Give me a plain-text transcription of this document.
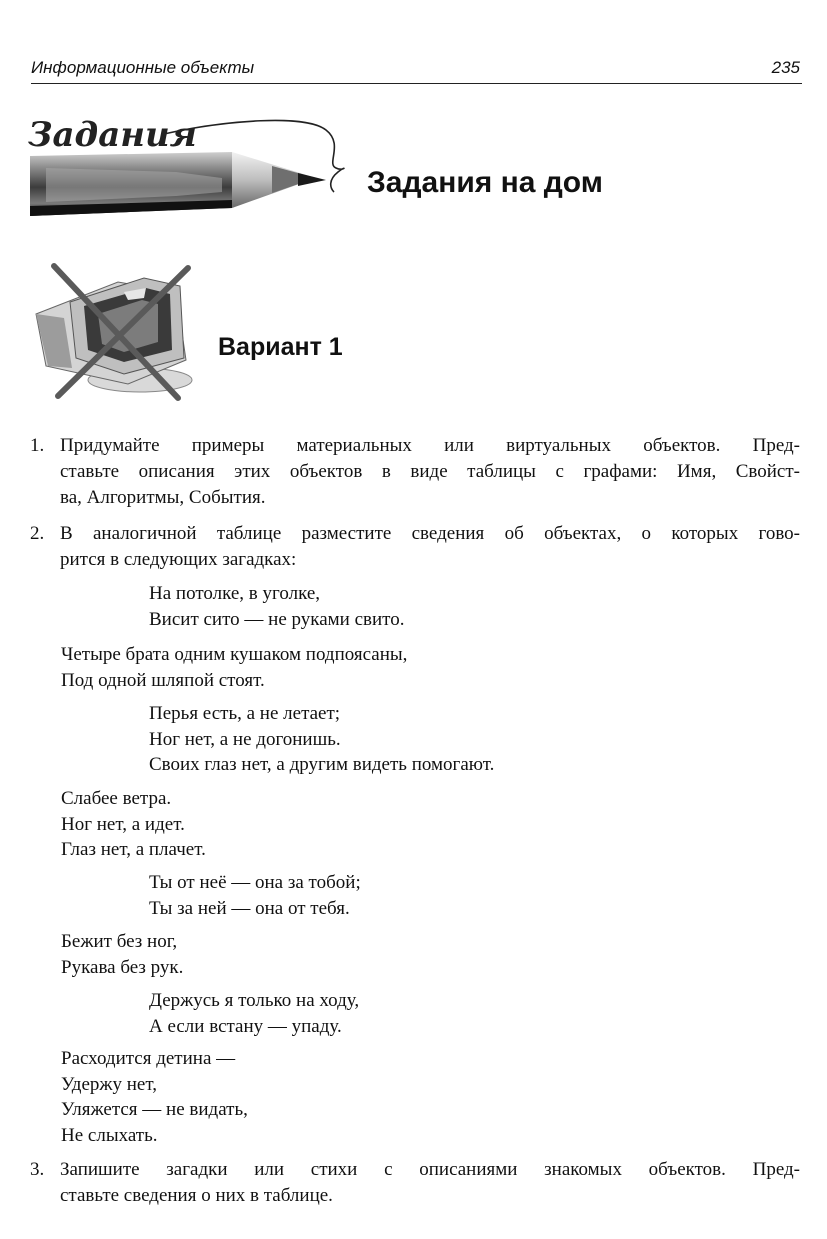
Информационные объекты	235
Задания
Задания на дом
Вариант 1
1. Придумайте примеры материальных или виртуальных объектов. Пред-
ставьте описания этих объектов в виде таблицы с графами: Имя, Свойст-
ва, Алгоритмы, События.
2. В аналогичной таблице разместите сведения об объектах, о которых гово-
рится в следующих загадках:
На потолке, в уголке,
Висит сито — не руками свито.
Четыре брата одним кушаком подпоясаны,
Под одной шляпой стоят.
Перья есть, а не летает;
Ног нет, а не догонишь.
Своих глаз нет, а другим видеть помогают.
Слабее ветра.
Ног нет, а идет.
Глаз нет, а плачет.
Ты от неё — она за тобой;
Ты за ней — она от тебя.
Бежит без ног,
Рукава без рук.
Держусь я только на ходу,
А если встану — упаду.
Расходится детина —
Удержу нет,
Уляжется — не видать,
Не слыхать.
3. Запишите загадки или стихи с описаниями знакомых объектов. Пред-
ставьте сведения о них в таблице.
